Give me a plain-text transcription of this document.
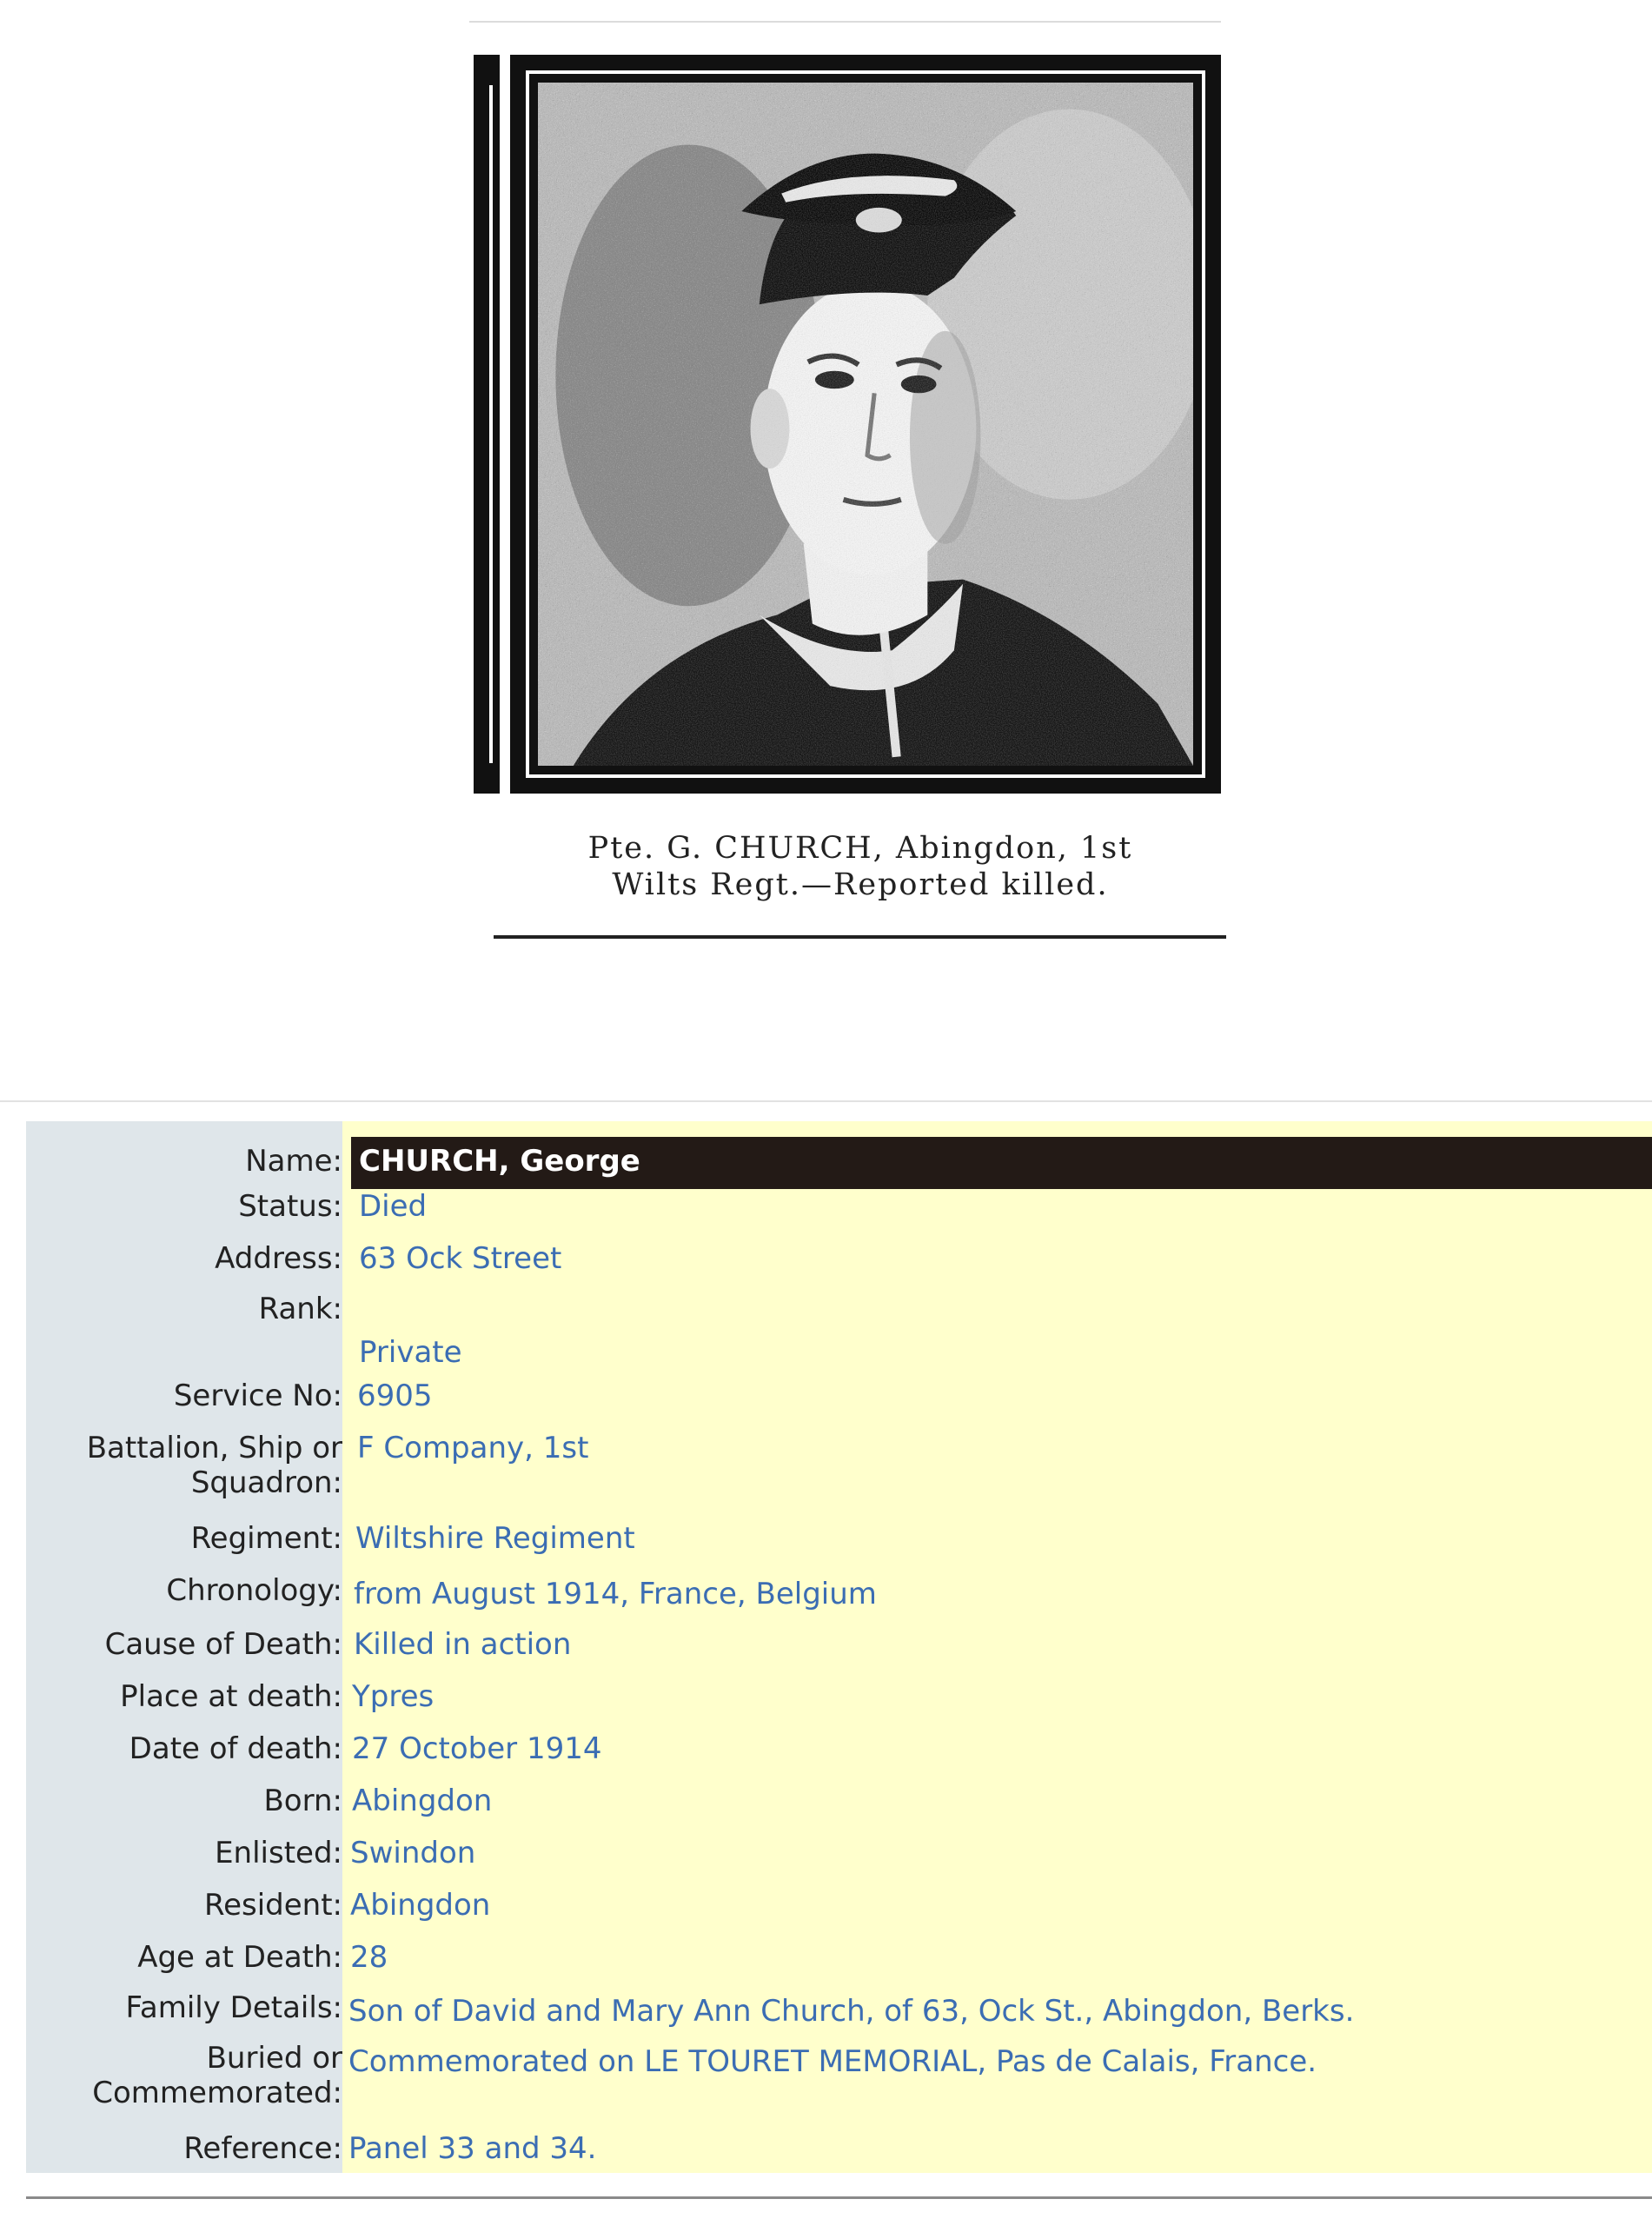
Pte. G. CHURCH, Abingdon, 1st
Wilts Regt.—Reported killed.
Name: CHURCH, George
Status: Died
Address: 63 Ock Street
Rank:
Private
Service No: 6905
Battalion, Ship or
Squadron:
F Company, 1st
Regiment: Wiltshire Regiment
Chronology: from August 1914, France, Belgium
Cause of Death: Killed in action
Place at death: Ypres
Date of death: 27 October 1914
Born: Abingdon
Enlisted: Swindon
Resident: Abingdon
Age at Death: 28
Family Details: Son of David and Mary Ann Church, of 63, Ock St., Abingdon, Berks.
Buried or
Commemorated:
Commemorated on LE TOURET MEMORIAL, Pas de Calais, France.
Reference: Panel 33 and 34.
